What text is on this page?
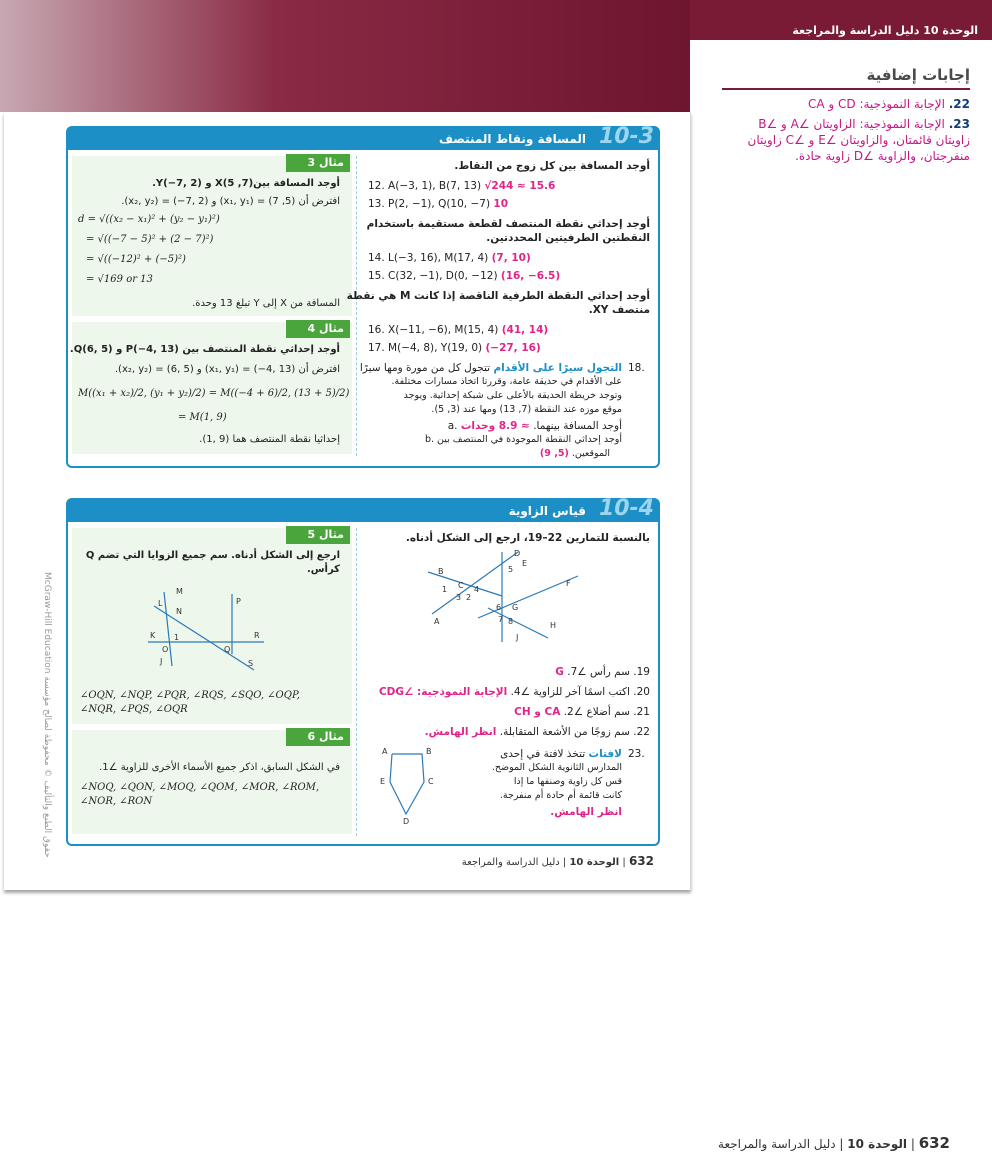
الوحدة 10 دليل الدراسة والمراجعة
McGraw-Hill Education حقوق الطبع والتأليف © محفوظة لصالح مؤسسة
إجابات إضافية
22. الإجابة النموذجية: CD و CA
23. الإجابة النموذجية: الزاويتان ∠A و ∠B زاويتان قائمتان، والزاويتان ∠E و ∠C زاويتان منفرجتان، والزاوية ∠D زاوية حادة.
10-3
المسافة ونقاط المنتصف
مثال 3
أوجد المسافة بين(7, 5)X و (2 ,7−)Y.
افترض أن (5, 7) = (x₁, y₁) و (2 ,7−) = (x₂, y₂).
d = √((x₂ − x₁)² + (y₂ − y₁)²)
= √((−7 − 5)² + (2 − 7)²)
= √((−12)² + (−5)²)
= √169 or 13
المسافة من X إلى Y تبلغ 13 وحدة.
مثال 4
أوجد إحداثي نقطة المنتصف بين (13 ,4−)P و (5 ,6)Q.
افترض أن (13 ,4−) = (x₁, y₁) و (5 ,6) = (x₂, y₂).
M((x₁ + x₂)/2, (y₁ + y₂)/2) = M((−4 + 6)/2, (13 + 5)/2)
= M(1, 9)
إحداثيا نقطة المنتصف هما (9 ,1).
أوجد المسافة بين كل زوج من النقاط.
12. A(−3, 1), B(7, 13) √244 ≈ 15.6
13. P(2, −1), Q(10, −7) 10
أوجد إحداثي نقطة المنتصف لقطعة مستقيمة باستخدام
النقطتين الطرفيتين المحددتين.
14. L(−3, 16), M(17, 4) (7, 10)
15. C(32, −1), D(0, −12) (16, −6.5)
أوجد إحداثي النقطة الطرفية الناقصة إذا كانت M هي نقطة
منتصف XY.
16. X(−11, −6), M(15, 4) (41, 14)
17. M(−4, 8), Y(19, 0) (−27, 16)
18.
التجول سيرًا على الأقدام تتجول كل من مورة ومها سيرًا
على الأقدام في حديقة عامة، وقررتا اتخاذ مسارات مختلفة.
وتوجد خريطة الحديقة بالأعلى على شبكة إحداثية. ويوجد
موقع موزه عند النقطة (7, 13) ومها عند (3, 5).
a. أوجد المسافة بينهما. ≈ 8.9 وحدات
b. أوجد إحداثي النقطة الموجودة في المنتصف بين
الموقعين. (5, 9)
10-4
قياس الزاوية
مثال 5
ارجع إلى الشكل أدناه. سم جميع الزوايا التي تضم Q
كرأس.
M
L
N
P
K
O
J
Q
R
S
1
∠OQN, ∠NQP, ∠PQR, ∠RQS, ∠SQO, ∠OQP,
∠NQR, ∠PQS, ∠OQR
مثال 6
في الشكل السابق، اذكر جميع الأسماء الأخرى للزاوية ∠1.
∠NOQ, ∠QON, ∠MOQ, ∠QOM, ∠MOR, ∠ROM,
∠NOR, ∠RON
بالنسبة للتمارين 22–19، ارجع إلى الشكل أدناه.
D
E
B
C	F
A
G
H
J
1
2
3
4
5
6
7 8
19. سم رأس ∠7. G
20. اكتب اسمًا آخر للزاوية ∠4. الإجابة النموذجية: ∠CDG
21. سم أضلاع ∠2. CA و CH
22. سم زوجًا من الأشعة المتقابلة. انظر الهامش.
23.
لافتات تتخذ لافتة في إحدى
المدارس الثانوية الشكل الموضح.
قس كل زاوية وصنفها ما إذا
كانت قائمة أم حادة أم منفرجة.
انظر الهامش.
A	B
E	C
D
632 | الوحدة 10 | دليل الدراسة والمراجعة
632 | الوحدة 10 | دليل الدراسة والمراجعة
